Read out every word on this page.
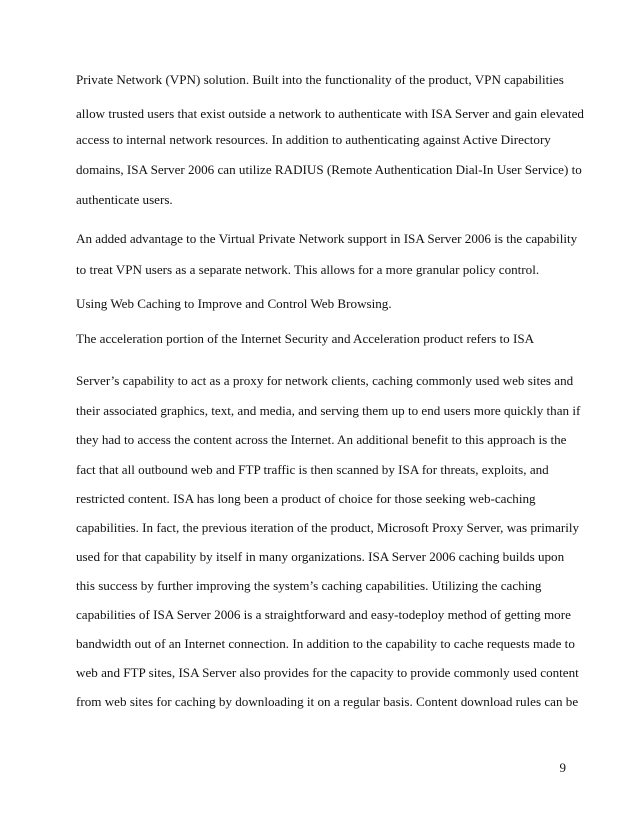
Private Network (VPN) solution. Built into the functionality of the product, VPN capabilities

allow trusted users that exist outside a network to authenticate with ISA Server and gain elevated

access to internal network resources. In addition to authenticating against Active Directory

domains, ISA Server 2006 can utilize RADIUS (Remote Authentication Dial-In User Service) to

authenticate users.

An added advantage to the Virtual Private Network support in ISA Server 2006 is the capability

to treat VPN users as a separate network. This allows for a more granular policy control.

Using Web Caching to Improve and Control Web Browsing.

The acceleration portion of the Internet Security and Acceleration product refers to ISA

Server’s capability to act as a proxy for network clients, caching commonly used web sites and

their associated graphics, text, and media, and serving them up to end users more quickly than if

they had to access the content across the Internet. An additional benefit to this approach is the

fact that all outbound web and FTP traffic is then scanned by ISA for threats, exploits, and

restricted content. ISA has long been a product of choice for those seeking web-caching

capabilities. In fact, the previous iteration of the product, Microsoft Proxy Server, was primarily

used for that capability by itself in many organizations. ISA Server 2006 caching builds upon

this success by further improving the system’s caching capabilities. Utilizing the caching

capabilities of ISA Server 2006 is a straightforward and easy-todeploy method of getting more

bandwidth out of an Internet connection. In addition to the capability to cache requests made to

web and FTP sites, ISA Server also provides for the capacity to provide commonly used content

from web sites for caching by downloading it on a regular basis. Content download rules can be

9
